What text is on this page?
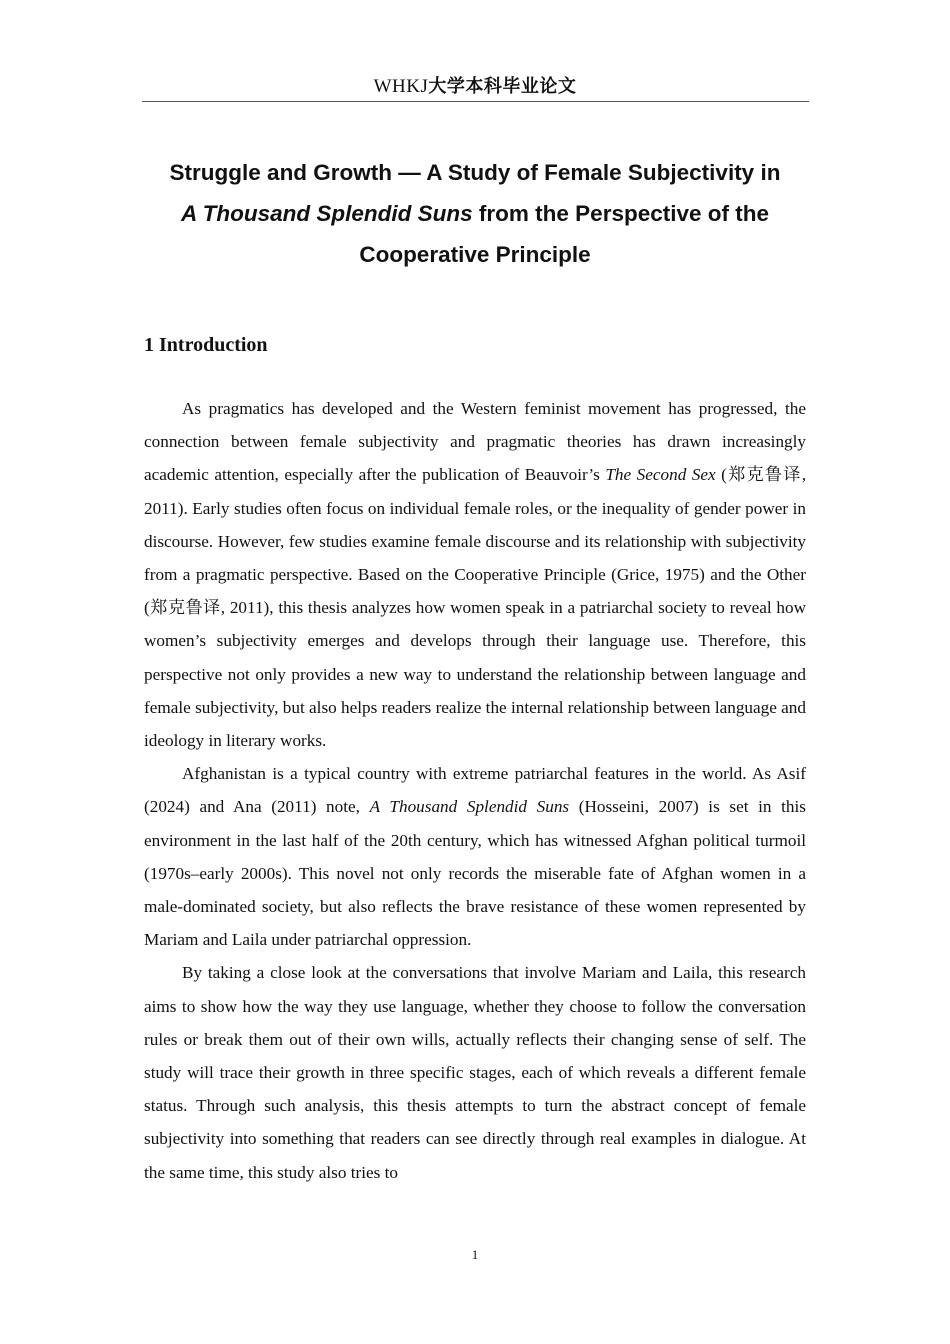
WHKJ大学本科毕业论文
Struggle and Growth — A Study of Female Subjectivity in
A Thousand Splendid Suns from the Perspective of the
Cooperative Principle
1 Introduction

As pragmatics has developed and the Western feminist movement has progressed, the connection between female subjectivity and pragmatic theories has drawn increasingly academic attention, especially after the publication of Beauvoir’s The Second Sex (郑克鲁译, 2011). Early studies often focus on individual female roles, or the inequality of gender power in discourse. However, few studies examine female discourse and its relationship with subjectivity from a pragmatic perspective. Based on the Cooperative Principle (Grice, 1975) and the Other (郑克鲁译, 2011), this thesis analyzes how women speak in a patriarchal society to reveal how women’s subjectivity emerges and develops through their language use. Therefore, this perspective not only provides a new way to understand the relationship between language and female subjectivity, but also helps readers realize the internal relationship between language and ideology in literary works.

Afghanistan is a typical country with extreme patriarchal features in the world. As Asif (2024) and Ana (2011) note, A Thousand Splendid Suns (Hosseini, 2007) is set in this environment in the last half of the 20th century, which has witnessed Afghan political turmoil (1970s–early 2000s). This novel not only records the miserable fate of Afghan women in a male-dominated society, but also reflects the brave resistance of these women represented by Mariam and Laila under patriarchal oppression.

By taking a close look at the conversations that involve Mariam and Laila, this research aims to show how the way they use language, whether they choose to follow the conversation rules or break them out of their own wills, actually reflects their changing sense of self. The study will trace their growth in three specific stages, each of which reveals a different female status. Through such analysis, this thesis attempts to turn the abstract concept of female subjectivity into something that readers can see directly through real examples in dialogue. At the same time, this study also tries to

1
